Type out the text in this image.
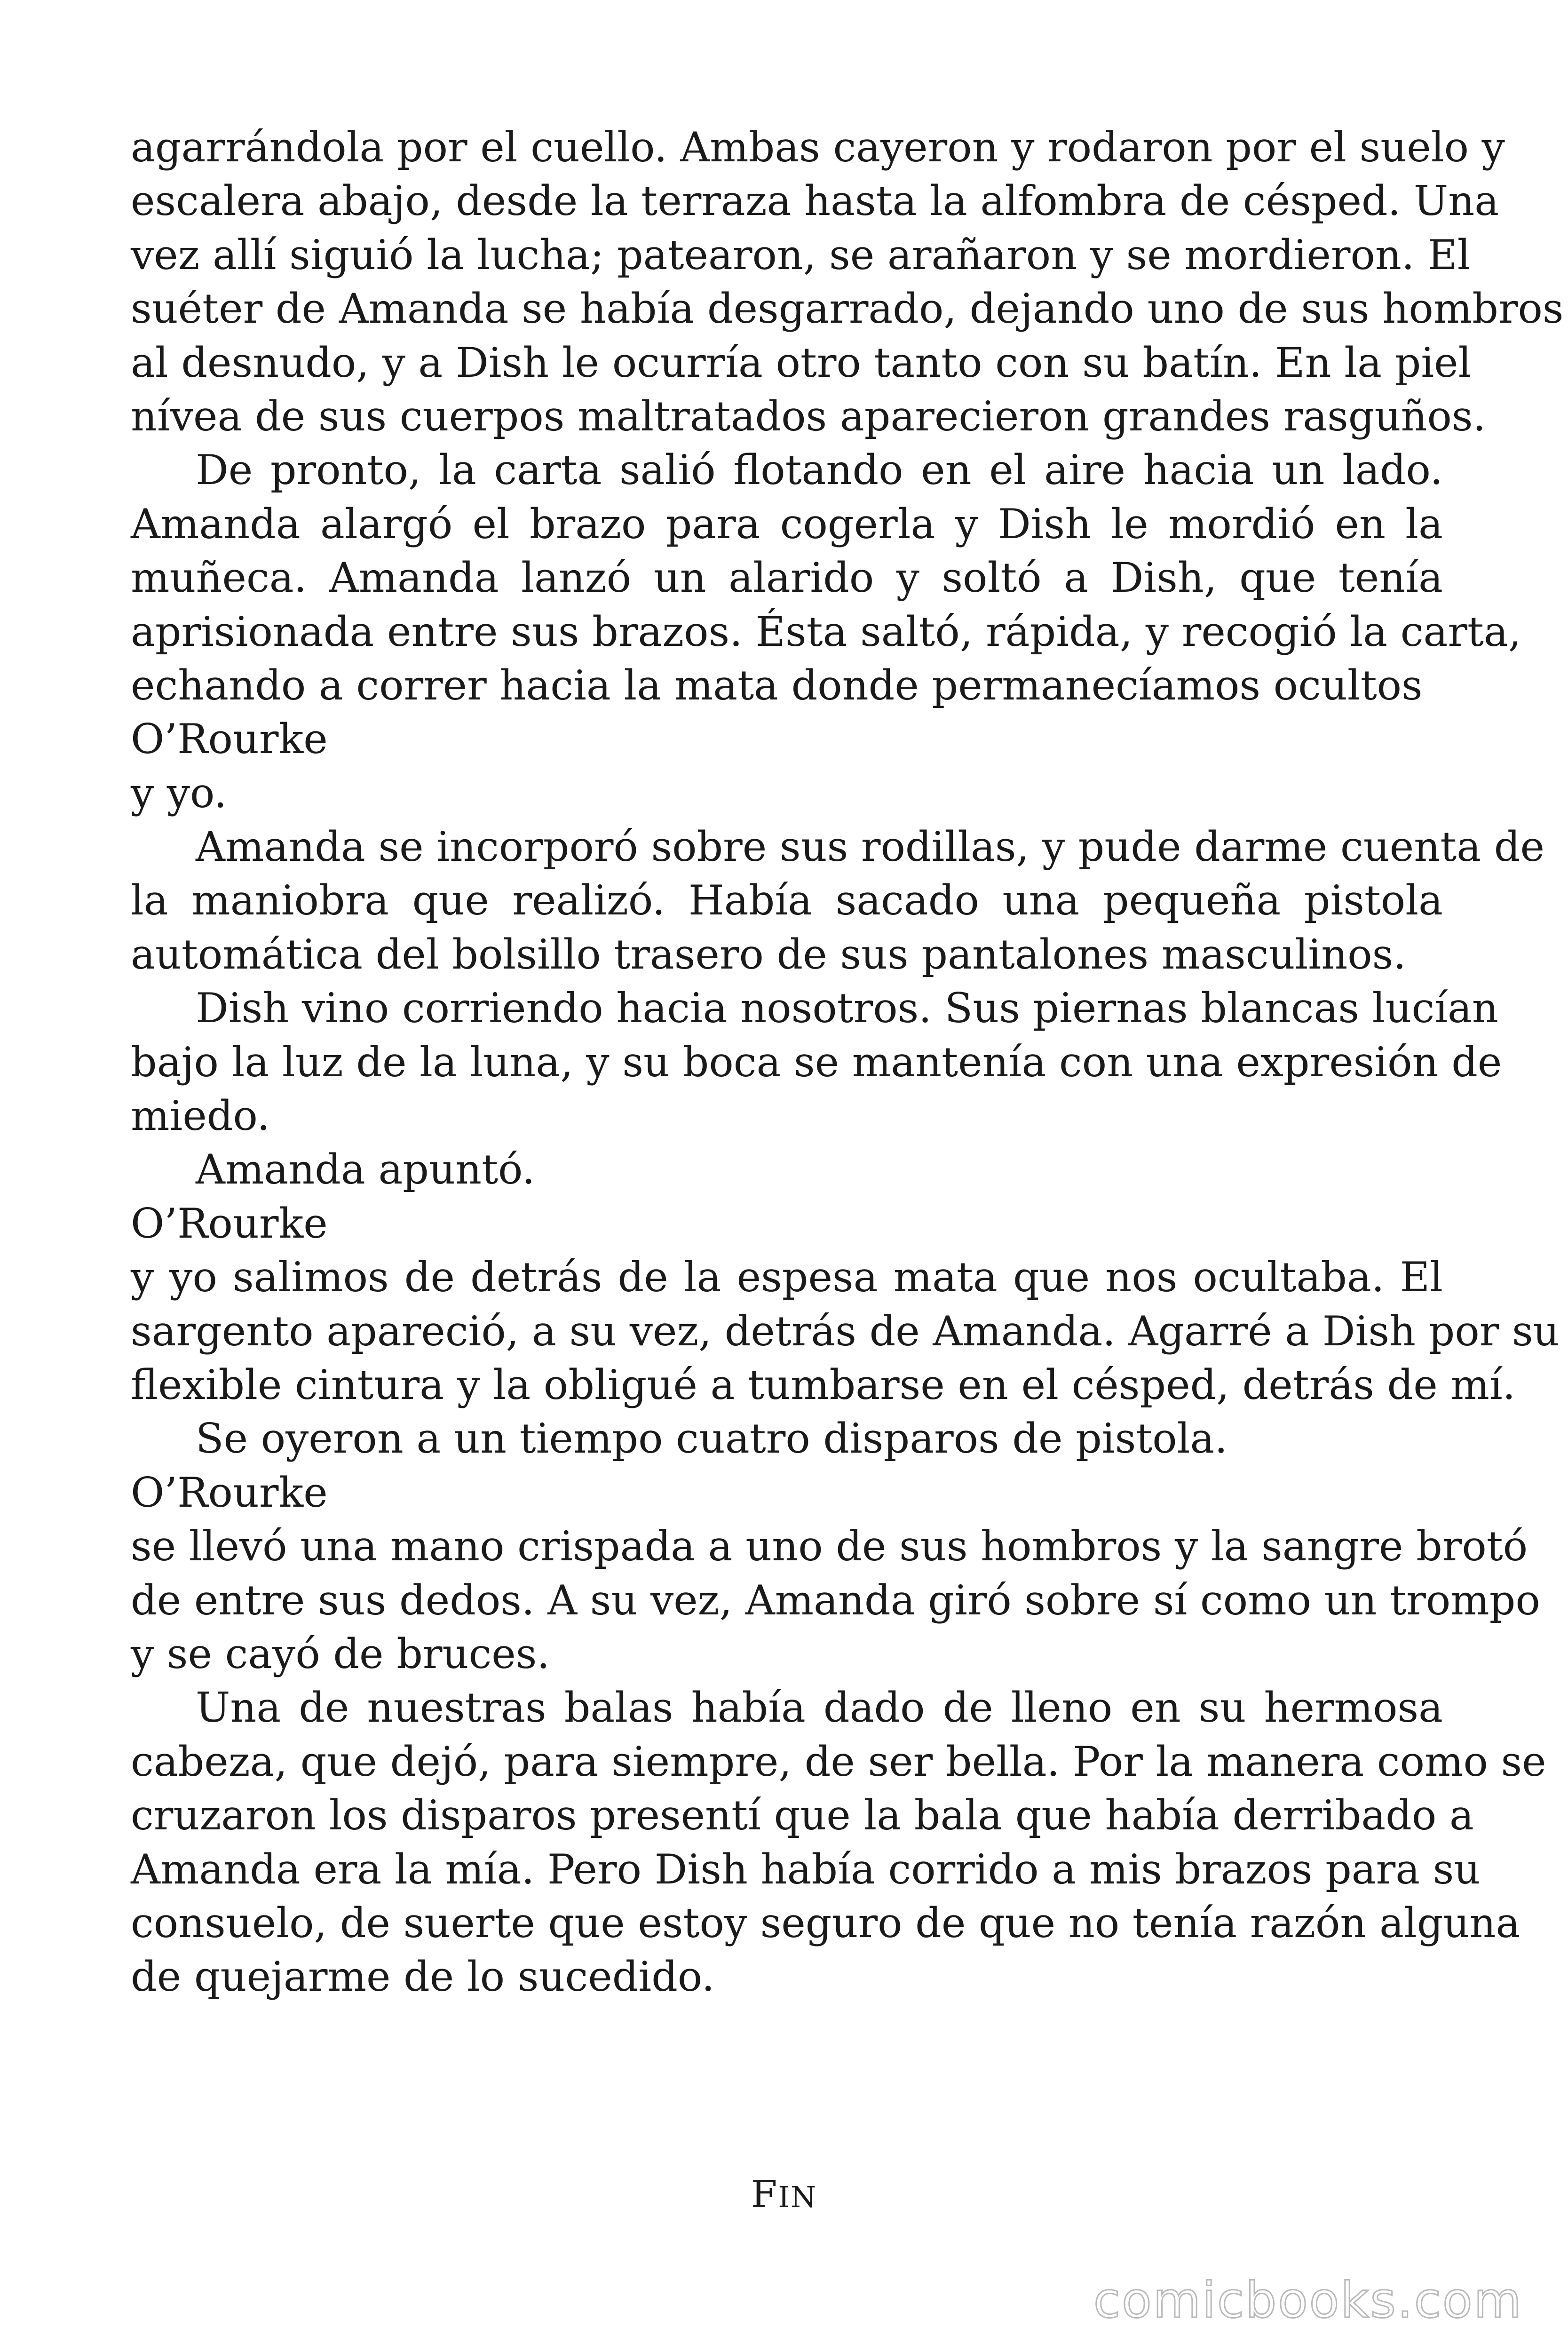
agarrándola por el cuello. Ambas cayeron y rodaron por el suelo y
escalera abajo, desde la terraza hasta la alfombra de césped. Una
vez allí siguió la lucha; patearon, se arañaron y se mordieron. El
suéter de Amanda se había desgarrado, dejando uno de sus hombros
al desnudo, y a Dish le ocurría otro tanto con su batín. En la piel
nívea de sus cuerpos maltratados aparecieron grandes rasguños.
De pronto, la carta salió flotando en el aire hacia un lado.
Amanda alargó el brazo para cogerla y Dish le mordió en la
muñeca. Amanda lanzó un alarido y soltó a Dish, que tenía
aprisionada entre sus brazos. Ésta saltó, rápida, y recogió la carta,
echando a correr hacia la mata donde permanecíamos ocultos
O’Rourke
y yo.
Amanda se incorporó sobre sus rodillas, y pude darme cuenta de
la maniobra que realizó. Había sacado una pequeña pistola
automática del bolsillo trasero de sus pantalones masculinos.
Dish vino corriendo hacia nosotros. Sus piernas blancas lucían
bajo la luz de la luna, y su boca se mantenía con una expresión de
miedo.
Amanda apuntó.
O’Rourke
y yo salimos de detrás de la espesa mata que nos ocultaba. El
sargento apareció, a su vez, detrás de Amanda. Agarré a Dish por su
flexible cintura y la obligué a tumbarse en el césped, detrás de mí.
Se oyeron a un tiempo cuatro disparos de pistola.
O’Rourke
se llevó una mano crispada a uno de sus hombros y la sangre brotó
de entre sus dedos. A su vez, Amanda giró sobre sí como un trompo
y se cayó de bruces.
Una de nuestras balas había dado de lleno en su hermosa
cabeza, que dejó, para siempre, de ser bella. Por la manera como se
cruzaron los disparos presentí que la bala que había derribado a
Amanda era la mía. Pero Dish había corrido a mis brazos para su
consuelo, de suerte que estoy seguro de que no tenía razón alguna
de quejarme de lo sucedido.
FIN
comicbooks.com
